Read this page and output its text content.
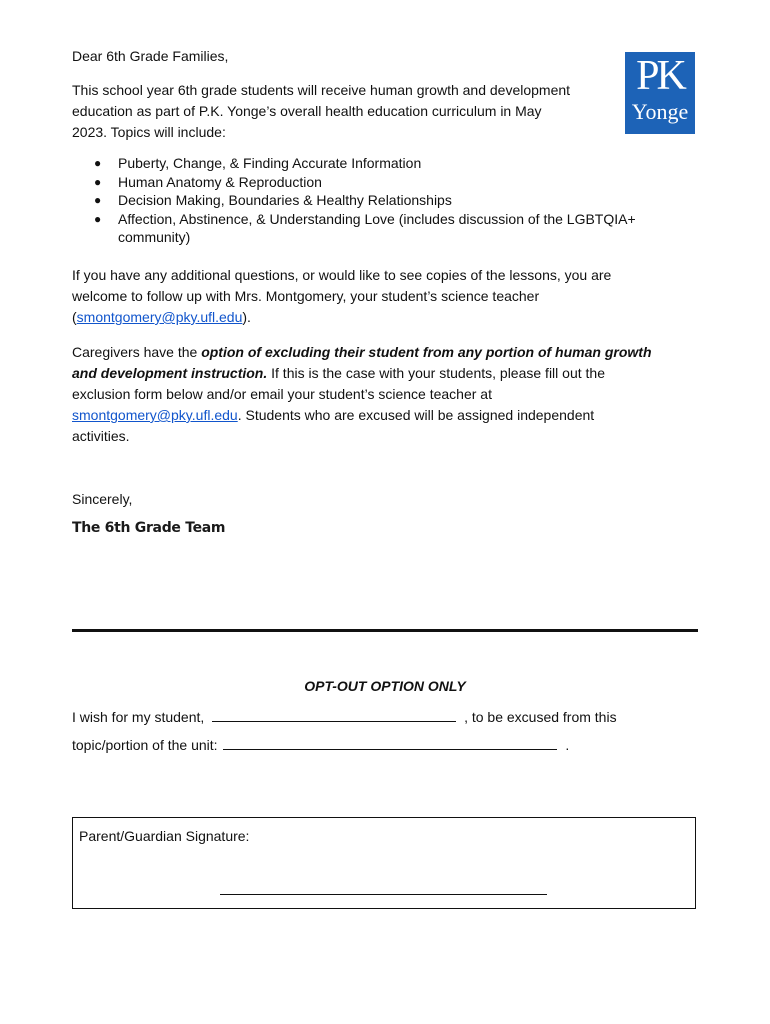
Dear 6th Grade Families,
This school year 6th grade students will receive human growth and development
education as part of P.K. Yonge’s overall health education curriculum in May
2023. Topics will include:
PK
Yonge
● Puberty, Change, & Finding Accurate Information
● Human Anatomy & Reproduction
● Decision Making, Boundaries & Healthy Relationships
● Affection, Abstinence, & Understanding Love (includes discussion of the LGBTQIA+ community)
If you have any additional questions, or would like to see copies of the lessons, you are
welcome to follow up with Mrs. Montgomery, your student’s science teacher
(smontgomery@pky.ufl.edu).
Caregivers have the option of excluding their student from any portion of human growth
and development instruction. If this is the case with your students, please fill out the
exclusion form below and/or email your student’s science teacher at
smontgomery@pky.ufl.edu. Students who are excused will be assigned independent
activities.
Sincerely,
The 6th Grade Team
OPT-OUT OPTION ONLY
I wish for my student,	, to be excused from this
topic/portion of the unit:	.
Parent/Guardian Signature:
